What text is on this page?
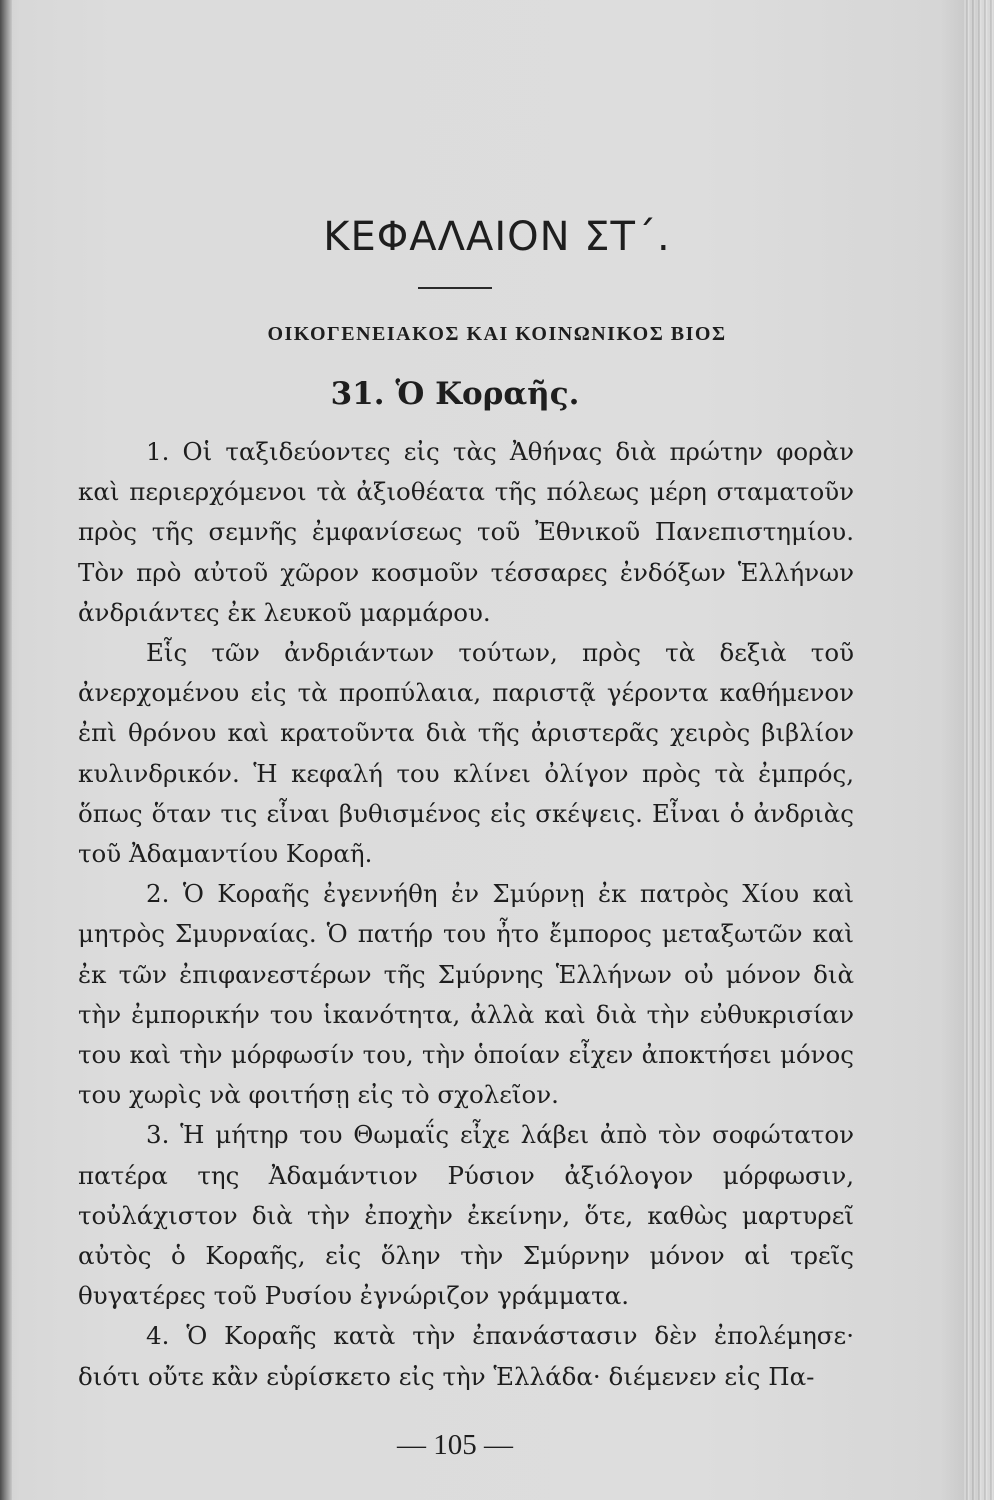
ΚΕΦΑΛΑΙΟΝ ΣΤ΄.
ΟΙΚΟΓΕΝΕΙΑΚΟΣ ΚΑΙ ΚΟΙΝΩΝΙΚΟΣ ΒΙΟΣ
31. Ὁ Κοραῆς.

1. Οἱ ταξιδεύοντες εἰς τὰς Ἀθήνας διὰ πρώτην φορὰν καὶ περιερχόμενοι τὰ ἀξιοθέατα τῆς πόλεως μέρη σταματοῦν πρὸς τῆς σεμνῆς ἐμφανίσεως τοῦ Ἐθνικοῦ Πανεπιστημίου. Τὸν πρὸ αὐτοῦ χῶρον κοσμοῦν τέσσαρες ἐνδόξων Ἑλλήνων ἀνδριάντες ἐκ λευκοῦ μαρμάρου.

Εἷς τῶν ἀνδριάντων τούτων, πρὸς τὰ δεξιὰ τοῦ ἀνερχομένου εἰς τὰ προπύλαια, παριστᾷ γέροντα καθήμενον ἐπὶ θρόνου καὶ κρατοῦντα διὰ τῆς ἀριστερᾶς χειρὸς βιβλίον κυλινδρικόν. Ἡ κεφαλή του κλίνει ὀλίγον πρὸς τὰ ἐμπρός, ὅπως ὅταν τις εἶναι βυθισμένος εἰς σκέψεις. Εἶναι ὁ ἀνδριὰς τοῦ Ἀδαμαντίου Κοραῆ.

2. Ὁ Κοραῆς ἐγεννήθη ἐν Σμύρνῃ ἐκ πατρὸς Χίου καὶ μητρὸς Σμυρναίας. Ὁ πατήρ του ἦτο ἔμπορος μεταξωτῶν καὶ ἐκ τῶν ἐπιφανεστέρων τῆς Σμύρνης Ἑλλήνων οὐ μόνον διὰ τὴν ἐμπορικήν του ἱκανότητα, ἀλλὰ καὶ διὰ τὴν εὐθυκρισίαν του καὶ τὴν μόρφωσίν του, τὴν ὁποίαν εἶχεν ἀποκτήσει μόνος του χωρὶς νὰ φοιτήσῃ εἰς τὸ σχολεῖον.

3. Ἡ μήτηρ του Θωμαΐς εἶχε λάβει ἀπὸ τὸν σοφώτατον πατέρα της Ἀδαμάντιον Ρύσιον ἀξιόλογον μόρφωσιν, τοὐλάχιστον διὰ τὴν ἐποχὴν ἐκείνην, ὅτε, καθὼς μαρτυρεῖ αὐτὸς ὁ Κοραῆς, εἰς ὅλην τὴν Σμύρνην μόνον αἱ τρεῖς θυγατέρες τοῦ Ρυσίου ἐγνώριζον γράμματα.

4. Ὁ Κοραῆς κατὰ τὴν ἐπανάστασιν δὲν ἐπολέμησε· διότι οὔτε κἂν εὑρίσκετο εἰς τὴν Ἑλλάδα· διέμενεν εἰς Πα-

— 105 —
